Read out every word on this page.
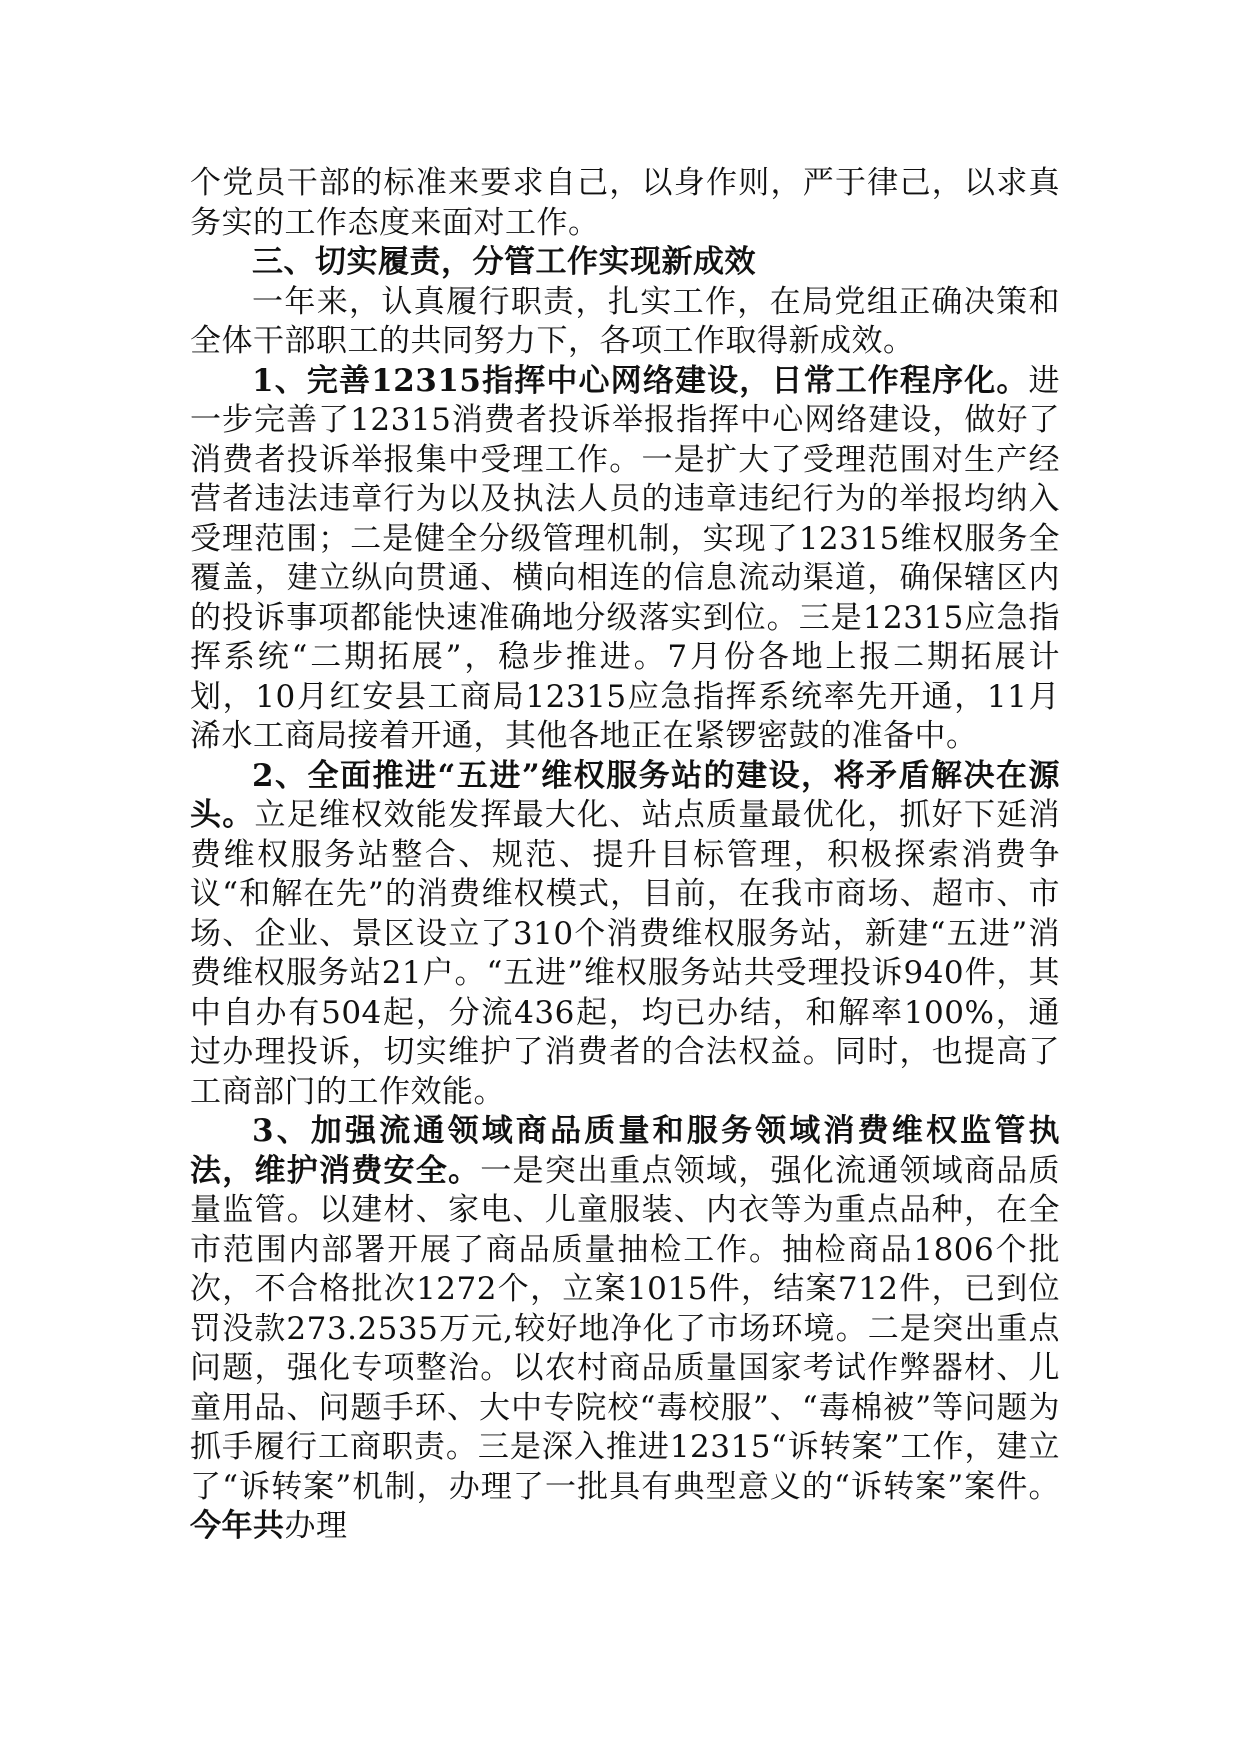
个党员干部的标准来要求自己，以身作则，严于律己，以求真务实的工作态度来面对工作。

三、切实履责，分管工作实现新成效

一年来，认真履行职责，扎实工作，在局党组正确决策和全体干部职工的共同努力下，各项工作取得新成效。

1、完善12315指挥中心网络建设，日常工作程序化。进一步完善了12315消费者投诉举报指挥中心网络建设，做好了消费者投诉举报集中受理工作。一是扩大了受理范围对生产经营者违法违章行为以及执法人员的违章违纪行为的举报均纳入受理范围；二是健全分级管理机制，实现了12315维权服务全覆盖，建立纵向贯通、横向相连的信息流动渠道，确保辖区内的投诉事项都能快速准确地分级落实到位。三是12315应急指挥系统“二期拓展”，稳步推进。7月份各地上报二期拓展计划，10月红安县工商局12315应急指挥系统率先开通，11月浠水工商局接着开通，其他各地正在紧锣密鼓的准备中。

2、全面推进“五进”维权服务站的建设，将矛盾解决在源头。立足维权效能发挥最大化、站点质量最优化，抓好下延消费维权服务站整合、规范、提升目标管理，积极探索消费争议“和解在先”的消费维权模式，目前，在我市商场、超市、市场、企业、景区设立了310个消费维权服务站，新建“五进”消费维权服务站21户。“五进”维权服务站共受理投诉940件，其中自办有504起，分流436起，均已办结，和解率100%，通过办理投诉，切实维护了消费者的合法权益。同时，也提高了工商部门的工作效能。

3、加强流通领域商品质量和服务领域消费维权监管执法，维护消费安全。一是突出重点领域，强化流通领域商品质量监管。以建材、家电、儿童服装、内衣等为重点品种，在全市范围内部署开展了商品质量抽检工作。抽检商品1806个批次，不合格批次1272个，立案1015件，结案712件，已到位罚没款273.2535万元,较好地净化了市场环境。二是突出重点问题，强化专项整治。以农村商品质量国家考试作弊器材、儿童用品、问题手环、大中专院校“毒校服”、“毒棉被”等问题为抓手履行工商职责。三是深入推进12315“诉转案”工作，建立了“诉转案”机制，办理了一批具有典型意义的“诉转案”案件。今年共办理
